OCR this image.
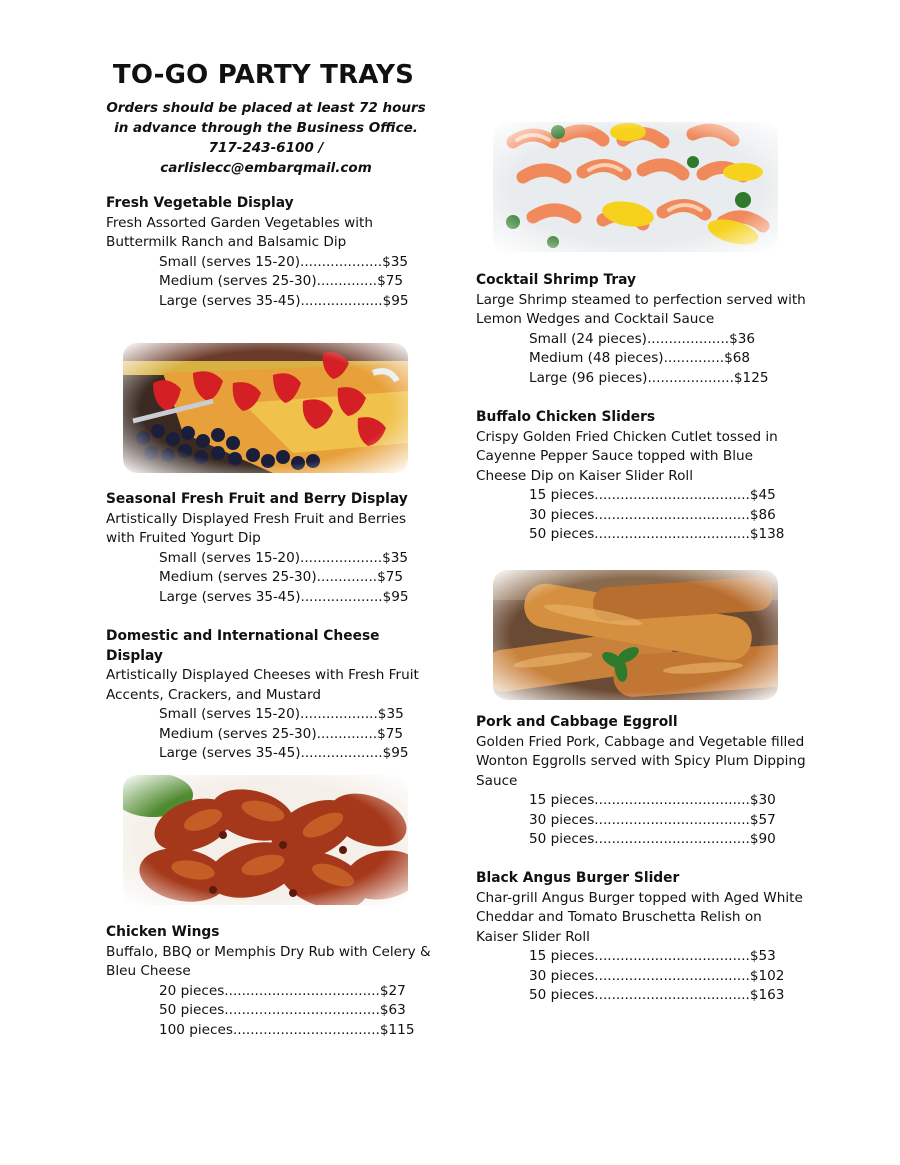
TO-GO PARTY TRAYS
Orders should be placed at least 72 hours in advance through the Business Office.
717-243-6100 / carlislecc@embarqmail.com
Fresh Vegetable Display

Fresh Assorted Garden Vegetables with Buttermilk Ranch and Balsamic Dip

Small (serves 15-20)...................$35
Medium (serves 25-30)..............$75
Large (serves 35-45)...................$95
Seasonal Fresh Fruit and Berry Display

Artistically Displayed Fresh Fruit and Berries with Fruited Yogurt Dip

Small (serves 15-20)...................$35
Medium (serves 25-30)..............$75
Large (serves 35-45)...................$95
Domestic and International Cheese Display

Artistically Displayed Cheeses with Fresh Fruit Accents, Crackers, and Mustard

Small (serves 15-20)..................$35
Medium (serves 25-30)..............$75
Large (serves 35-45)...................$95
Chicken Wings

Buffalo, BBQ or Memphis Dry Rub with Celery & Bleu Cheese

20 pieces....................................$27
50 pieces....................................$63
100 pieces..................................$115
Cocktail Shrimp Tray

Large Shrimp steamed to perfection served with Lemon Wedges and Cocktail Sauce

Small (24 pieces)...................$36
Medium (48 pieces)..............$68
Large (96 pieces)....................$125
Buffalo Chicken Sliders

Crispy Golden Fried Chicken Cutlet tossed in Cayenne Pepper Sauce topped with Blue Cheese Dip on Kaiser Slider Roll

15 pieces....................................$45
30 pieces....................................$86
50 pieces....................................$138
Pork and Cabbage Eggroll

Golden Fried Pork, Cabbage and Vegetable filled Wonton Eggrolls served with Spicy Plum Dipping Sauce

15 pieces....................................$30
30 pieces....................................$57
50 pieces....................................$90
Black Angus Burger Slider

Char-grill Angus Burger topped with Aged White Cheddar and Tomato Bruschetta Relish on Kaiser Slider Roll

15 pieces....................................$53
30 pieces....................................$102
50 pieces....................................$163
